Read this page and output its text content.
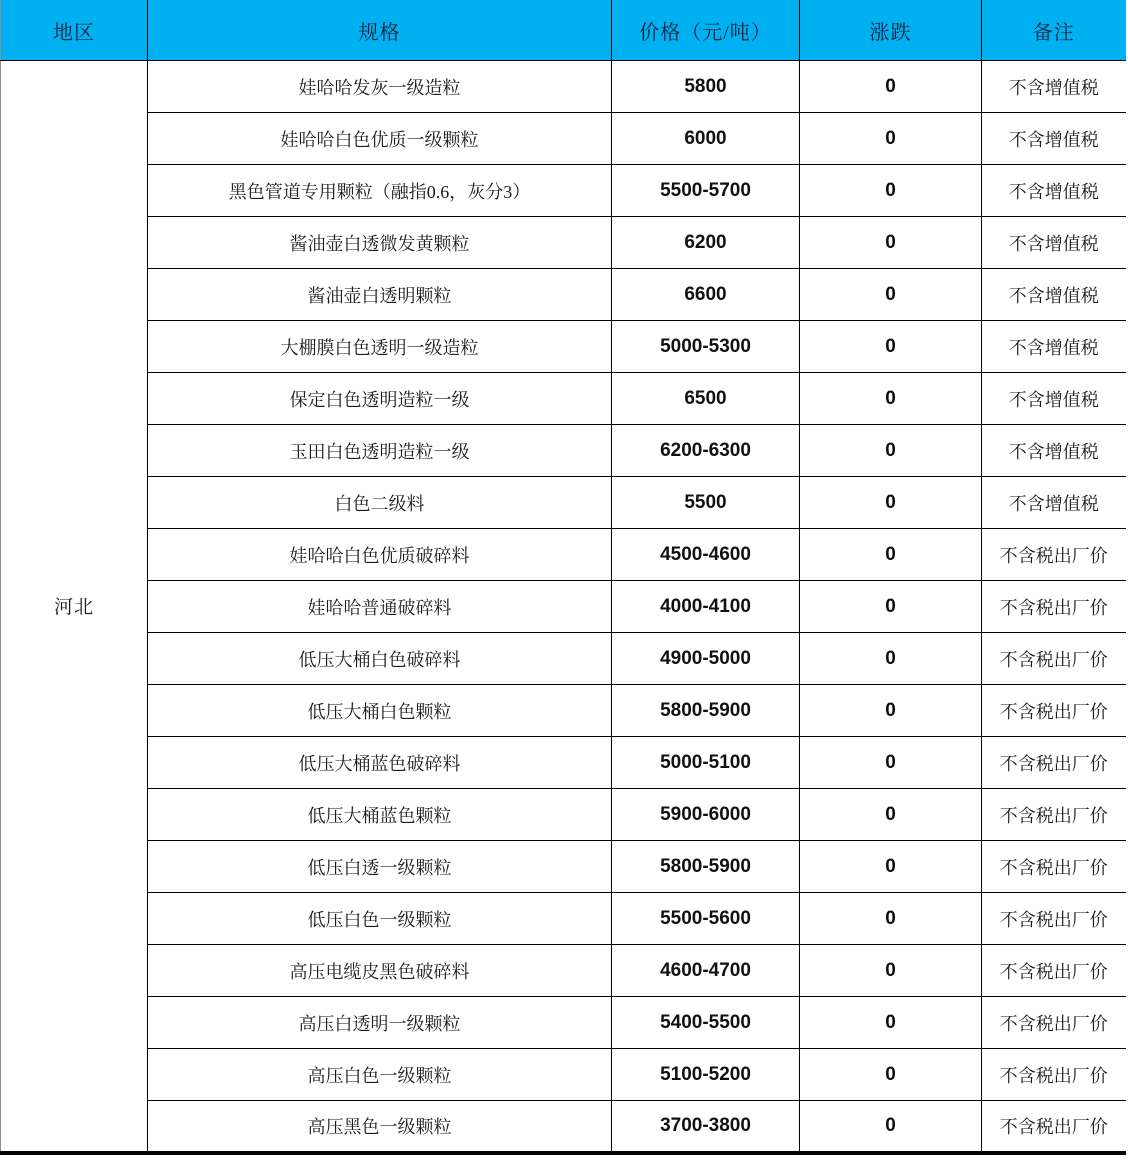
地区	规格	价格（元/吨）	涨跌	备注
河北	娃哈哈发灰一级造粒	5800	0	不含增值税
	娃哈哈白色优质一级颗粒	6000	0	不含增值税
	黑色管道专用颗粒（融指0.6，灰分3）	5500-5700	0	不含增值税
	酱油壶白透微发黄颗粒	6200	0	不含增值税
	酱油壶白透明颗粒	6600	0	不含增值税
	大棚膜白色透明一级造粒	5000-5300	0	不含增值税
	保定白色透明造粒一级	6500	0	不含增值税
	玉田白色透明造粒一级	6200-6300	0	不含增值税
	白色二级料	5500	0	不含增值税
	娃哈哈白色优质破碎料	4500-4600	0	不含税出厂价
	娃哈哈普通破碎料	4000-4100	0	不含税出厂价
	低压大桶白色破碎料	4900-5000	0	不含税出厂价
	低压大桶白色颗粒	5800-5900	0	不含税出厂价
	低压大桶蓝色破碎料	5000-5100	0	不含税出厂价
	低压大桶蓝色颗粒	5900-6000	0	不含税出厂价
	低压白透一级颗粒	5800-5900	0	不含税出厂价
	低压白色一级颗粒	5500-5600	0	不含税出厂价
	高压电缆皮黑色破碎料	4600-4700	0	不含税出厂价
	高压白透明一级颗粒	5400-5500	0	不含税出厂价
	高压白色一级颗粒	5100-5200	0	不含税出厂价
	高压黑色一级颗粒	3700-3800	0	不含税出厂价
